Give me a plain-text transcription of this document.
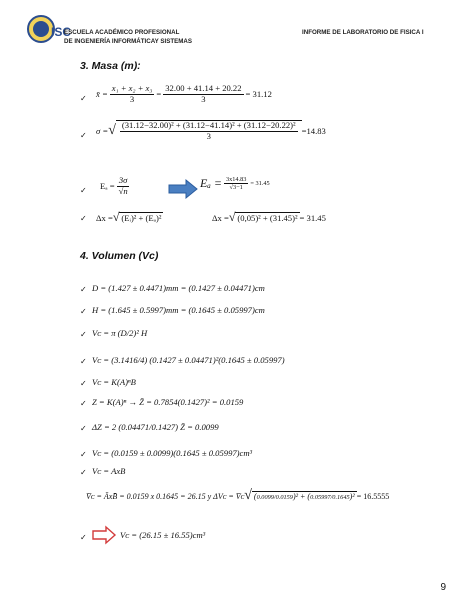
ISC
ESCUELA ACADÉMICO PROFESIONAL
DE INGENIERÍA INFORMÁTICAY SISTEMAS
INFORME DE LABORATORIO DE FISICA I
3. Masa (m):
✓ x̄ = $\frac{\text{x₁ + x₂ + x₃}}{3} = \frac{32.00 + 41.14 + 20.22}{3} = 31.12$
✓ σ = √ $\frac{\text{(31.12−32.00)² + (31.12−41.14)² + (31.12−20.22)²}}{3} =14.83$
✓ $E_a = \frac{3\sigma}{√n}$	$E_a = \frac{3x14.83}{√3-1} = 31.45$
✓ Δx = √ (Eᵢ)² + (Eₐ)²	Δx = √ (0,05)² + (31.45)² = 31.45
4. Volumen (Vᴄ)
✓ D = (1.427 ± 0.4471)mm = (0.1427 ± 0.04471)cm
✓ H = (1.645 ± 0.5997)mm = (0.1645 ± 0.05997)cm
✓ Vᴄ = π (D/2)² H
✓ Vᴄ = (3.1416/4) (0.1427 ± 0.04471)²(0.1645 ± 0.05997)
✓ Vᴄ = K(A)ⁿB
✓ Z = K(A)ⁿ → Z̄ = 0.7854(0.1427)² = 0.0159
✓ ΔZ = 2 (0.04471/0.1427) Z̄ = 0.0099
✓ Vᴄ = (0.0159 ± 0.0099)(0.1645 ± 0.05997)cm³
✓ Vᴄ = AxB
V̄ᴄ = ĀxB̄ = 0.0159 x 0.1645 = 26.15 y ΔVᴄ = V̄ᴄ √ (0.0099/0.0159)² + (0.05997/0.1645)² = 16.5555
✓	Vᴄ = (26.15 ± 16.55)cm³
9
